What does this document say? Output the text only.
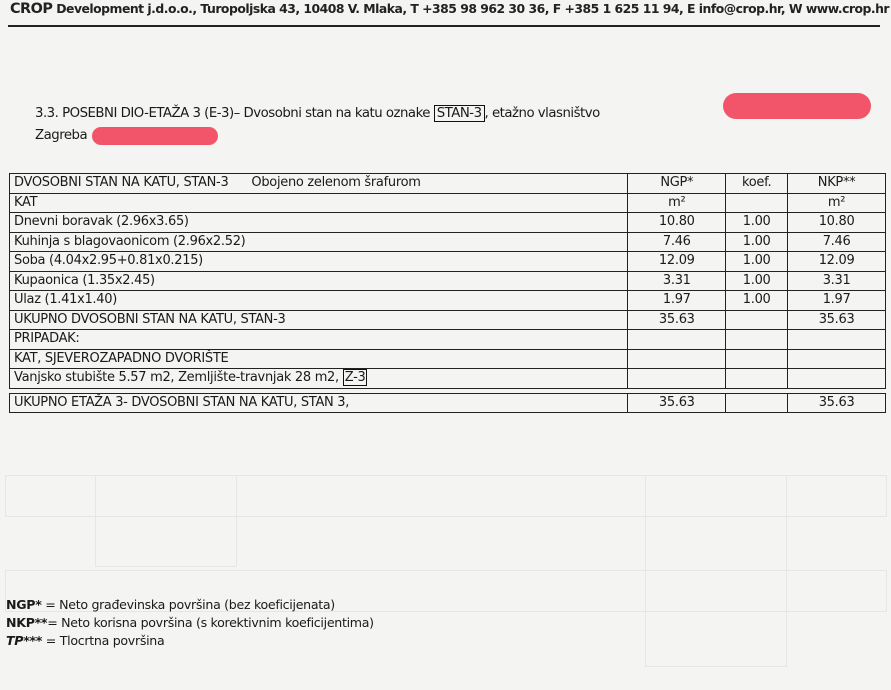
CROP Development j.d.o.o., Turopoljska 43, 10408 V. Mlaka, T +385 98 962 30 36, F +385 1 625 11 94, E info@crop.hr, W www.crop.hr
3.3. POSEBNI DIO-ETAŽA 3 (E-3)– Dvosobni stan na katu oznake STAN-3 , etažno vlasništvo
Zagreba
DVOSOBNI STAN NA KATU, STAN-3 Obojeno zelenom šrafurom	NGP*	koef.	NKP**
KAT	m²		m²
Dnevni boravak (2.96x3.65)	10.80	1.00	10.80
Kuhinja s blagovaonicom (2.96x2.52)	7.46	1.00	7.46
Soba (4.04x2.95+0.81x0.215)	12.09	1.00	12.09
Kupaonica (1.35x2.45)	3.31	1.00	3.31
Ulaz (1.41x1.40)	1.97	1.00	1.97
UKUPNO DVOSOBNI STAN NA KATU, STAN-3	35.63		35.63
PRIPADAK:			
KAT, SJEVEROZAPADNO DVORIŠTE			
Vanjsko stubište 5.57 m2, Zemljište-travnjak 28 m2, Z-3			

UKUPNO ETAŽA 3- DVOSOBNI STAN NA KATU, STAN 3,	35.63		35.63
NGP* = Neto građevinska površina (bez koeficijenata)
NKP**= Neto korisna površina (s korektivnim koeficijentima)
TP*** = Tlocrtna površina
